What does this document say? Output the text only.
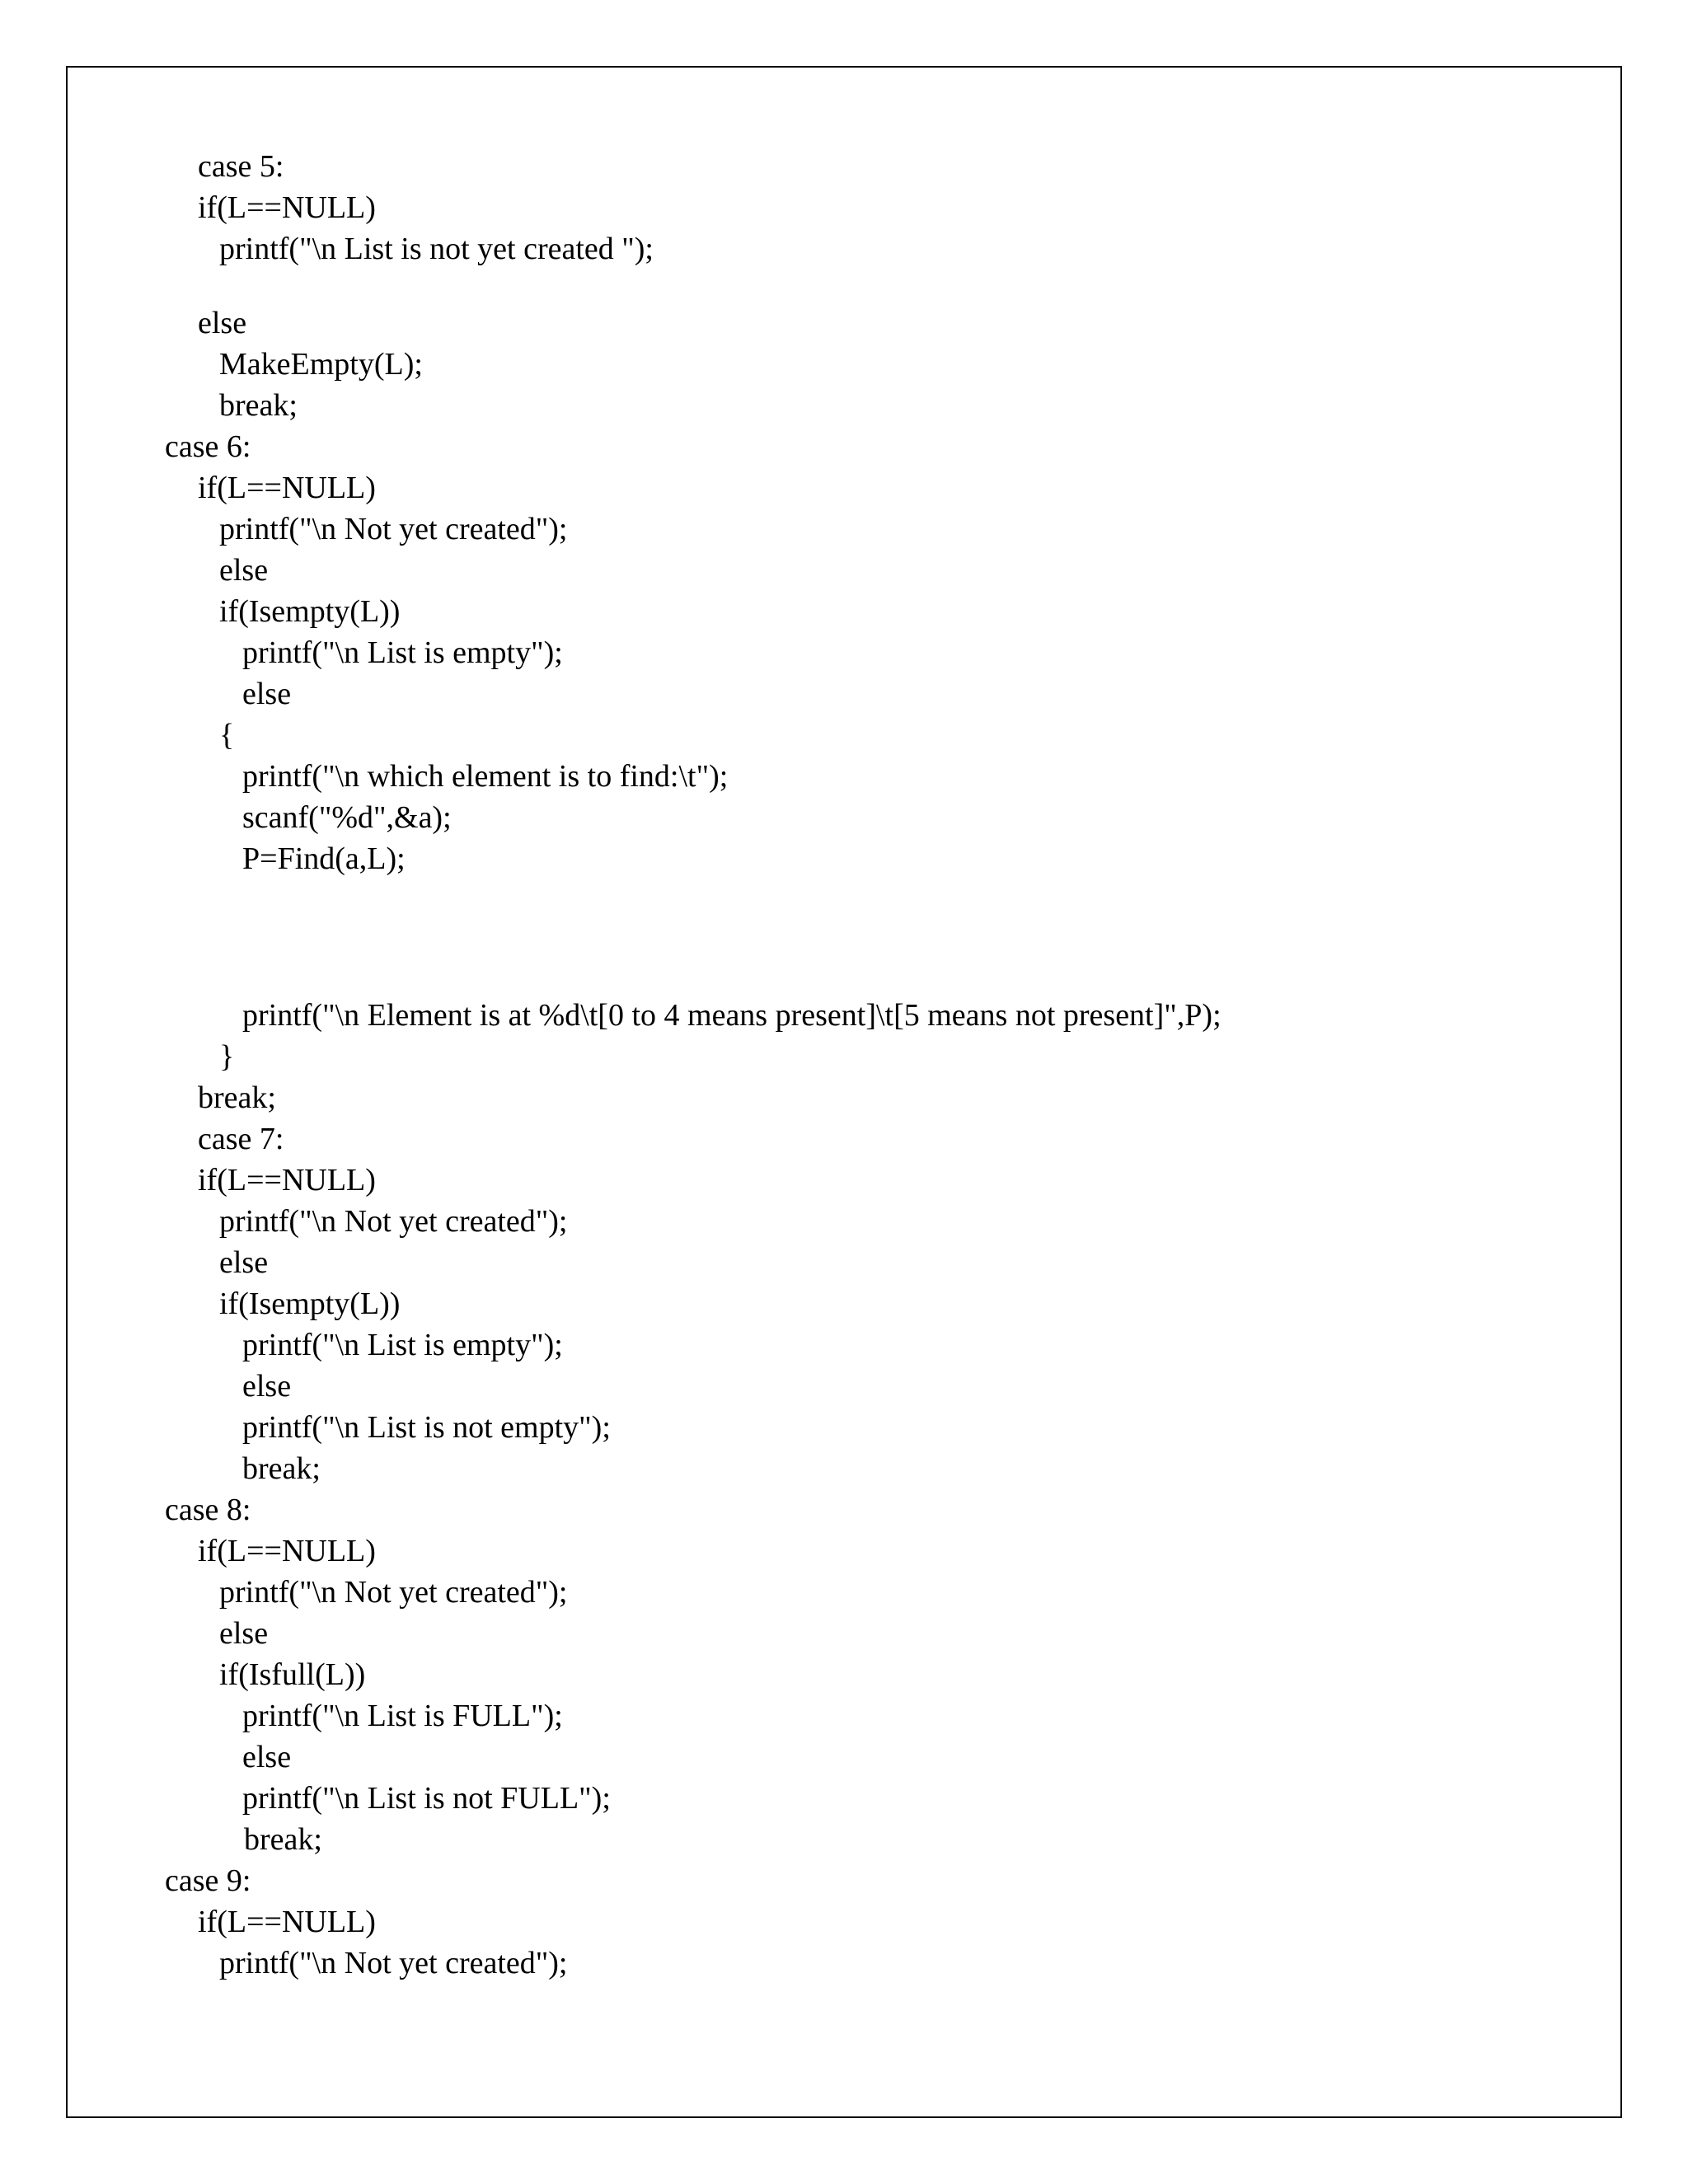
case 5:
if(L==NULL)
printf("\n List is not yet created ");
else
MakeEmpty(L);
break;
case 6:
if(L==NULL)
printf("\n Not yet created");
else
if(Isempty(L))
printf("\n List is empty");
else
{
printf("\n which element is to find:\t");
scanf("%d",&a);
P=Find(a,L);
printf("\n Element is at %d\t[0 to 4 means present]\t[5 means not present]",P);
}
break;
case 7:
if(L==NULL)
printf("\n Not yet created");
else
if(Isempty(L))
printf("\n List is empty");
else
printf("\n List is not empty");
break;
case 8:
if(L==NULL)
printf("\n Not yet created");
else
if(Isfull(L))
printf("\n List is FULL");
else
printf("\n List is not FULL");
break;
case 9:
if(L==NULL)
printf("\n Not yet created");
